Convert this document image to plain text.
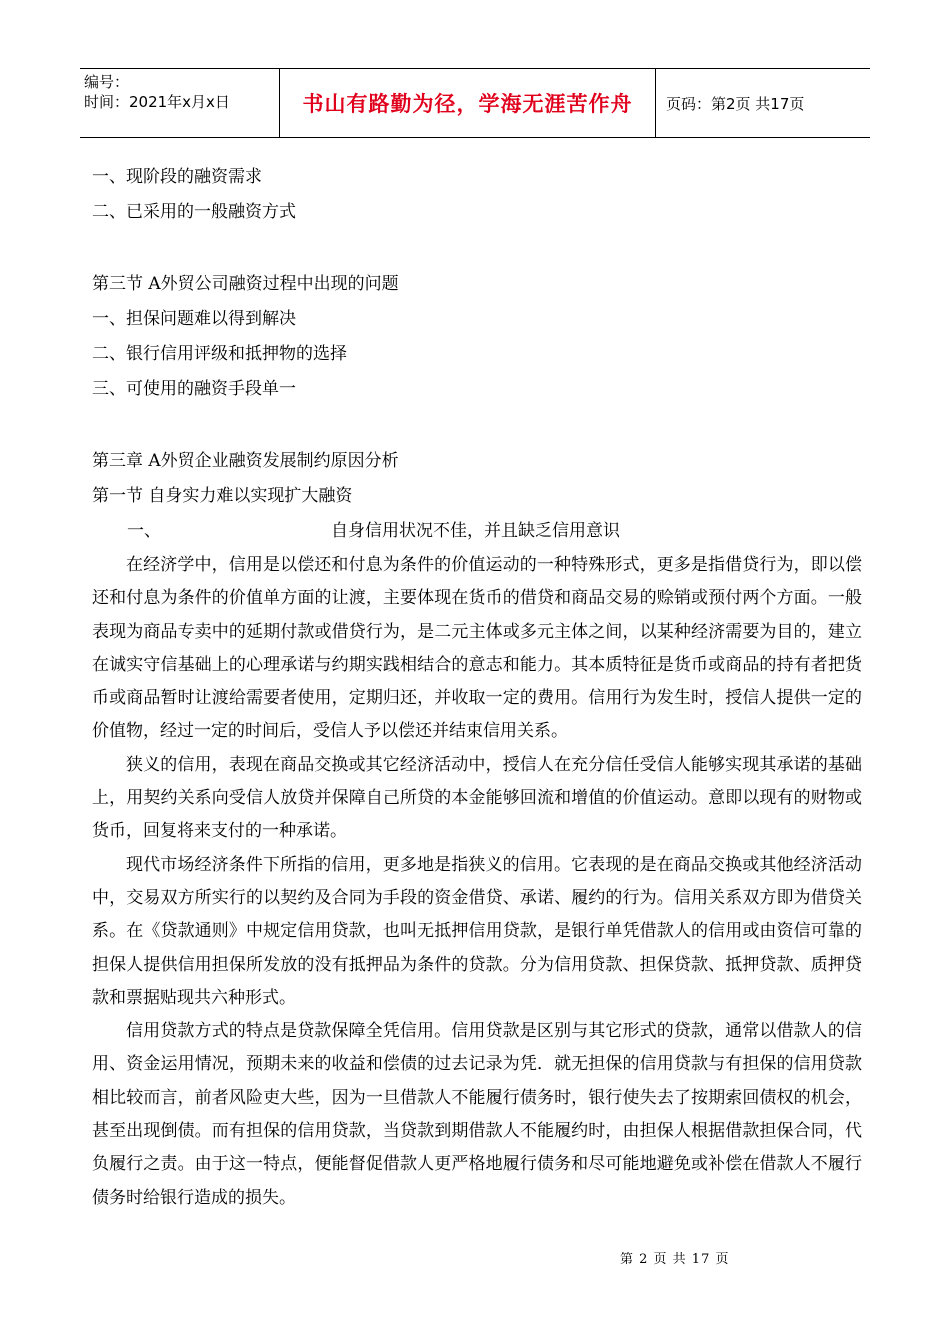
编号：
时间：2021年x月x日	书山有路勤为径，学海无涯苦作舟 页码：第2页 共17页
一、现阶段的融资需求
二、已采用的一般融资方式
第三节 A外贸公司融资过程中出现的问题
一、担保问题难以得到解决
二、银行信用评级和抵押物的选择
三、可使用的融资手段单一
第三章 A外贸企业融资发展制约原因分析
第一节 自身实力难以实现扩大融资
一、	自身信用状况不佳，并且缺乏信用意识

在经济学中，信用是以偿还和付息为条件的价值运动的一种特殊形式，更多是指借贷行为，即以偿还和付息为条件的价值单方面的让渡，主要体现在货币的借贷和商品交易的赊销或预付两个方面。一般表现为商品专卖中的延期付款或借贷行为，是二元主体或多元主体之间，以某种经济需要为目的，建立在诚实守信基础上的心理承诺与约期实践相结合的意志和能力。其本质特征是货币或商品的持有者把货币或商品暂时让渡给需要者使用，定期归还，并收取一定的费用。信用行为发生时，授信人提供一定的价值物，经过一定的时间后，受信人予以偿还并结束信用关系。

狭义的信用，表现在商品交换或其它经济活动中，授信人在充分信任受信人能够实现其承诺的基础上，用契约关系向受信人放贷并保障自己所贷的本金能够回流和增值的价值运动。意即以现有的财物或货币，回复将来支付的一种承诺。

现代市场经济条件下所指的信用，更多地是指狭义的信用。它表现的是在商品交换或其他经济活动中，交易双方所实行的以契约及合同为手段的资金借贷、承诺、履约的行为。信用关系双方即为借贷关系。在《贷款通则》中规定信用贷款，也叫无抵押信用贷款，是银行单凭借款人的信用或由资信可靠的担保人提供信用担保所发放的没有抵押品为条件的贷款。分为信用贷款、担保贷款、抵押贷款、质押贷款和票据贴现共六种形式。

信用贷款方式的特点是贷款保障全凭信用。信用贷款是区别与其它形式的贷款，通常以借款人的信用、资金运用情况，预期未来的收益和偿债的过去记录为凭．就无担保的信用贷款与有担保的信用贷款相比较而言，前者风险吏大些，因为一旦借款人不能履行债务时，银行使失去了按期索回债权的机会，甚至出现倒债。而有担保的信用贷款，当贷款到期借款人不能履约时，由担保人根据借款担保合同，代负履行之责。由于这一特点，便能督促借款人更严格地履行债务和尽可能地避免或补偿在借款人不履行债务时给银行造成的损失。

第 2 页 共 17 页
